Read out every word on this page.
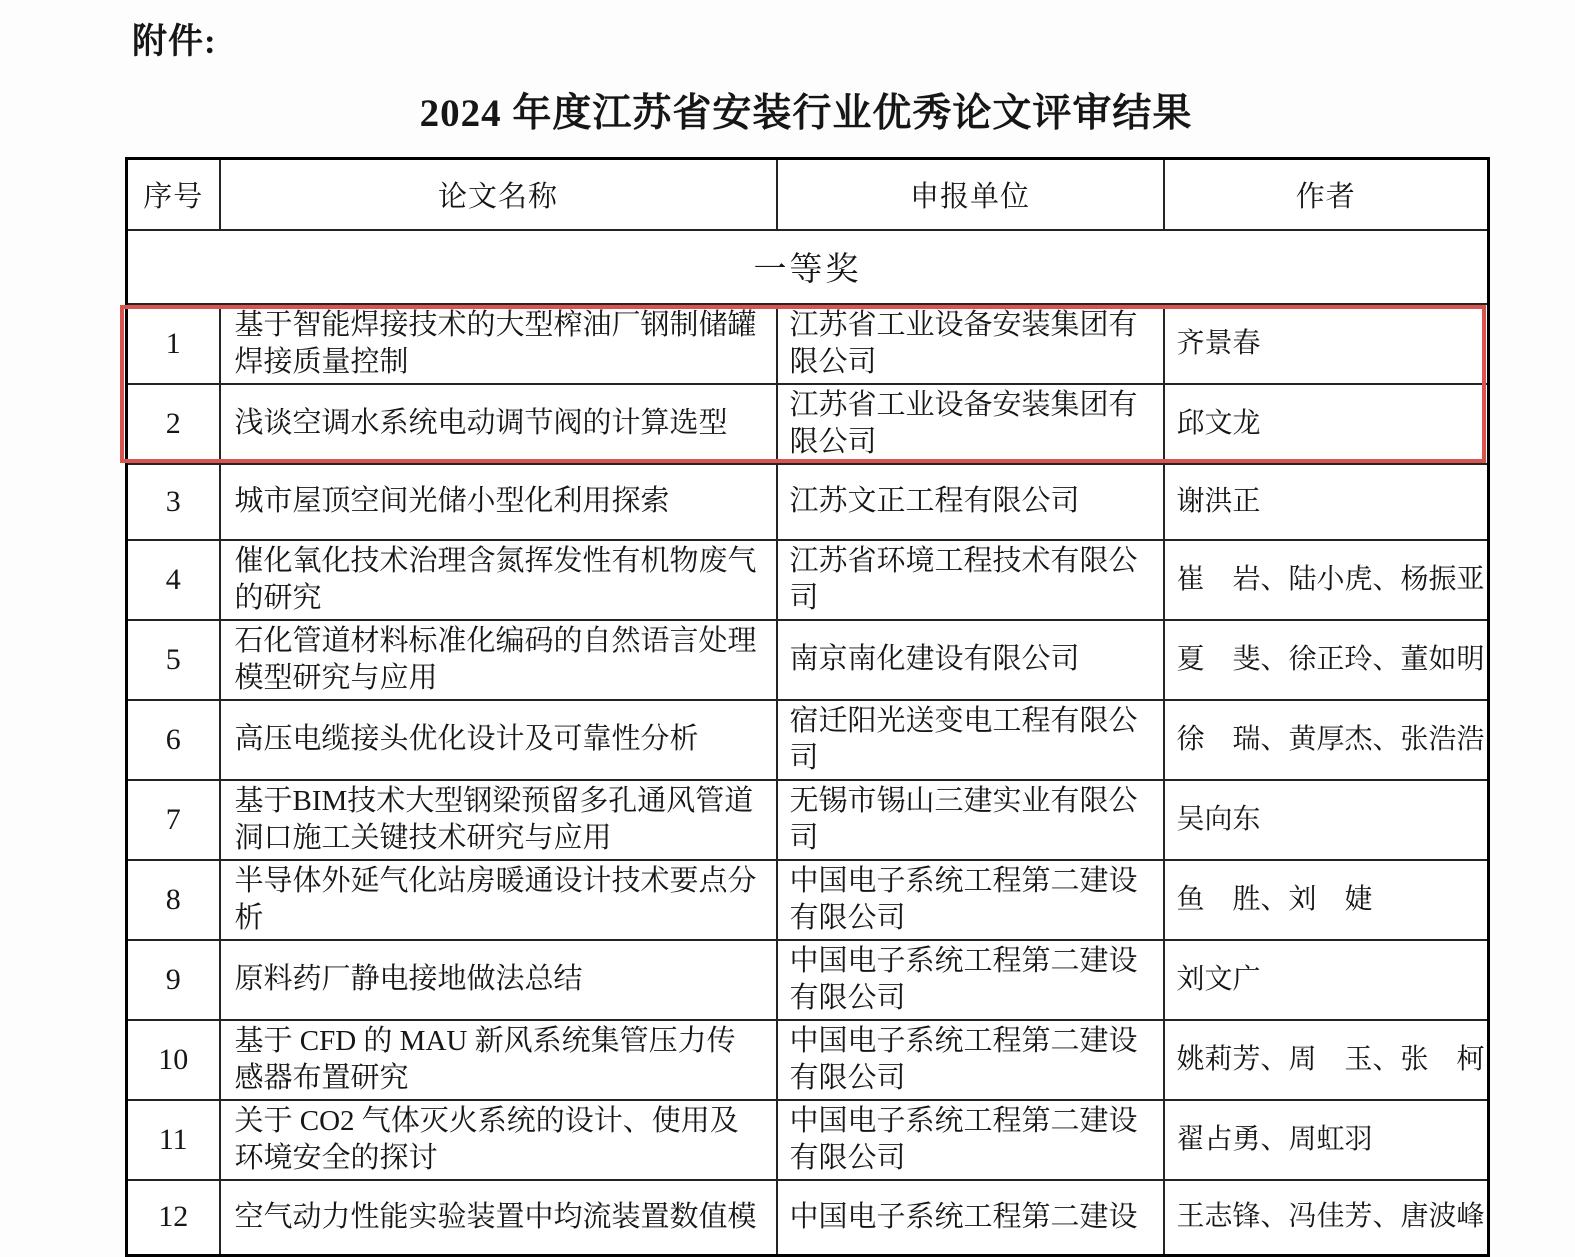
附件:
2024 年度江苏省安装行业优秀论文评审结果
序号	论文名称	申报单位	作者
一等奖			
1	基于智能焊接技术的大型榨油厂钢制储罐焊接质量控制	江苏省工业设备安装集团有限公司	齐景春
2	浅谈空调水系统电动调节阀的计算选型	江苏省工业设备安装集团有限公司	邱文龙
3	城市屋顶空间光储小型化利用探索	江苏文正工程有限公司	谢洪正
4	催化氧化技术治理含氮挥发性有机物废气的研究	江苏省环境工程技术有限公司	崔　岩、陆小虎、杨振亚
5	石化管道材料标准化编码的自然语言处理模型研究与应用	南京南化建设有限公司	夏　斐、徐正玲、董如明
6	高压电缆接头优化设计及可靠性分析	宿迁阳光送变电工程有限公司	徐　瑞、黄厚杰、张浩浩
7	基于BIM技术大型钢梁预留多孔通风管道洞口施工关键技术研究与应用	无锡市锡山三建实业有限公司	吴向东
8	半导体外延气化站房暖通设计技术要点分析	中国电子系统工程第二建设有限公司	鱼　胜、刘　婕
9	原料药厂静电接地做法总结	中国电子系统工程第二建设有限公司	刘文广
10	基于 CFD 的 MAU 新风系统集管压力传感器布置研究	中国电子系统工程第二建设有限公司	姚莉芳、周　玉、张　柯
11	关于 CO2 气体灭火系统的设计、使用及环境安全的探讨	中国电子系统工程第二建设有限公司	翟占勇、周虹羽
12	空气动力性能实验装置中均流装置数值模	中国电子系统工程第二建设	王志锋、冯佳芳、唐波峰
